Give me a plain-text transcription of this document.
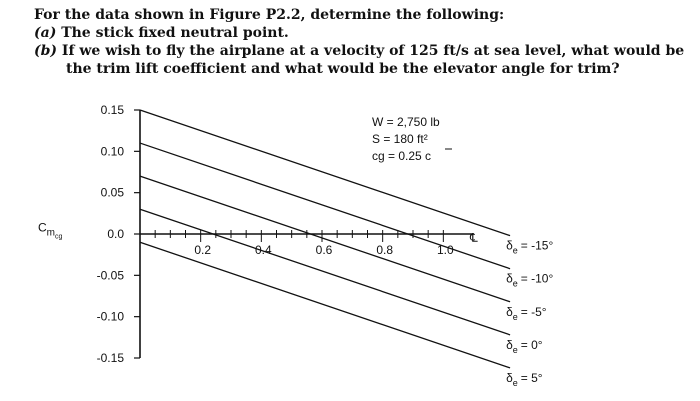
For the data shown in Figure P2.2, determine the following:
(a) The stick fixed neutral point.
(b) If we wish to fly the airplane at a velocity of 125 ft/s at sea level, what would be
the trim lift coefficient and what would be the elevator angle for trim?
0.15
0.10
0.05
0.0
-0.05
-0.10
-0.15
0.2	0.4	0.6	0.8	1.0	$\delta_e = -15^\circ$
$\delta_e = -10^\circ$
$\delta_e = -5^\circ$
$\delta_e = 0^\circ$
$\delta_e = 5^\circ$
$C_{mcg}$
W = 2,750 lb
S = 180 ft²
cg = 0.25 c
℄
